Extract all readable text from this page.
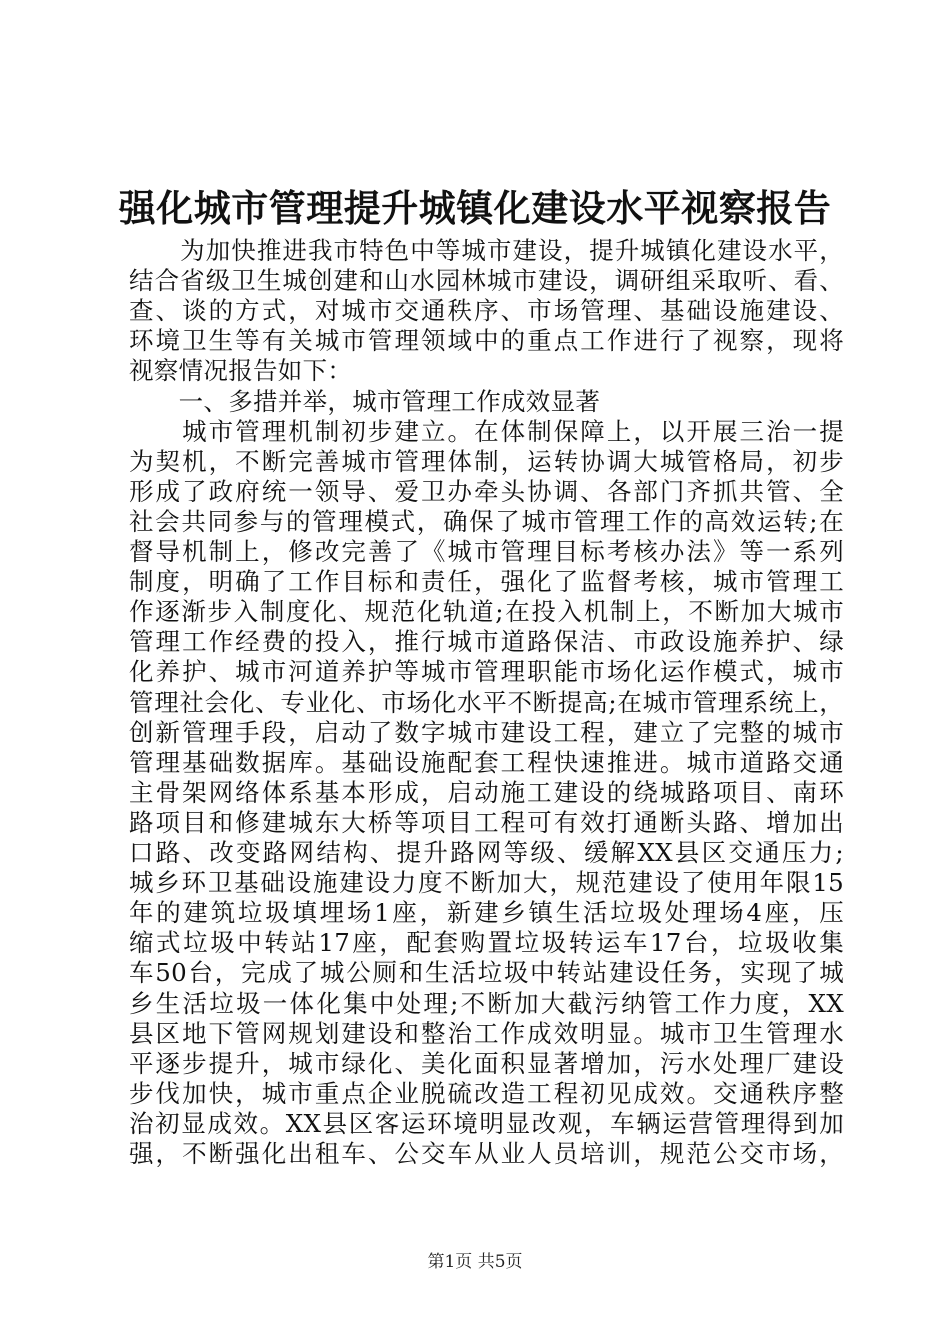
强化城市管理提升城镇化建设水平视察报告
　　为加快推进我市特色中等城市建设，提升城镇化建设水平，
结合省级卫生城创建和山水园林城市建设，调研组采取听、看、
查、谈的方式，对城市交通秩序、市场管理、基础设施建设、
环境卫生等有关城市管理领域中的重点工作进行了视察，现将
视察情况报告如下：
　　一、多措并举，城市管理工作成效显著
　　城市管理机制初步建立。在体制保障上，以开展三治一提
为契机，不断完善城市管理体制，运转协调大城管格局，初步
形成了政府统一领导、爱卫办牵头协调、各部门齐抓共管、全
社会共同参与的管理模式，确保了城市管理工作的高效运转;在
督导机制上，修改完善了《城市管理目标考核办法》等一系列
制度，明确了工作目标和责任，强化了监督考核，城市管理工
作逐渐步入制度化、规范化轨道;在投入机制上，不断加大城市
管理工作经费的投入，推行城市道路保洁、市政设施养护、绿
化养护、城市河道养护等城市管理职能市场化运作模式，城市
管理社会化、专业化、市场化水平不断提高;在城市管理系统上，
创新管理手段，启动了数字城市建设工程，建立了完整的城市
管理基础数据库。基础设施配套工程快速推进。城市道路交通
主骨架网络体系基本形成，启动施工建设的绕城路项目、南环
路项目和修建城东大桥等项目工程可有效打通断头路、增加出
口路、改变路网结构、提升路网等级、缓解XX县区交通压力;
城乡环卫基础设施建设力度不断加大，规范建设了使用年限15
年的建筑垃圾填埋场1座，新建乡镇生活垃圾处理场4座，压
缩式垃圾中转站17座，配套购置垃圾转运车17台，垃圾收集
车50台，完成了城公厕和生活垃圾中转站建设任务，实现了城
乡生活垃圾一体化集中处理;不断加大截污纳管工作力度，XX
县区地下管网规划建设和整治工作成效明显。城市卫生管理水
平逐步提升，城市绿化、美化面积显著增加，污水处理厂建设
步伐加快，城市重点企业脱硫改造工程初见成效。交通秩序整
治初显成效。XX县区客运环境明显改观，车辆运营管理得到加
强，不断强化出租车、公交车从业人员培训，规范公交市场，
第1页 共5页
